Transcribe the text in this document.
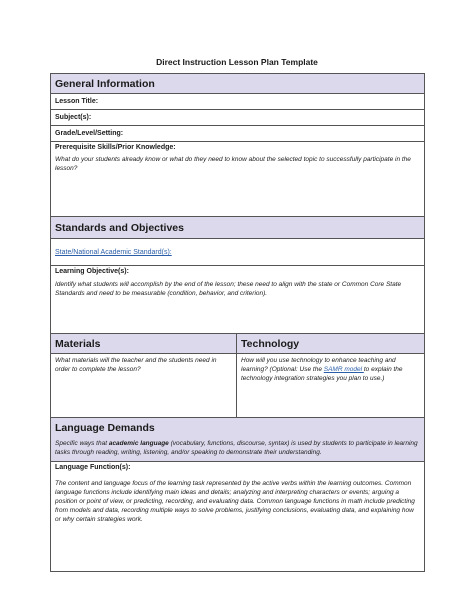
Direct Instruction Lesson Plan Template
General Information	
Lesson Title:	
Subject(s):	
Grade/Level/Setting:	

Prerequisite Skills/Prior Knowledge:
What do your students already know or what do they need to know about the selected topic to successfully participate in the lesson?	

Standards and Objectives	
State/National Academic Standard(s):	

Learning Objective(s):
Identify what students will accomplish by the end of the lesson; these need to align with the state or Common Core State Standards and need to be measurable (condition, behavior, and criterion).	

Materials	Technology

What materials will the teacher and the students need in order to complete the lesson?	How will you use technology to enhance teaching and learning? (Optional: Use the SAMR model to explain the technology integration strategies you plan to use.)

Language Demands
Specific ways that academic language (vocabulary, functions, discourse, syntax) is used by students to participate in learning tasks through reading, writing, listening, and/or speaking to demonstrate their understanding.	

Language Function(s):
The content and language focus of the learning task represented by the active verbs within the learning outcomes. Common language functions include identifying main ideas and details; analyzing and interpreting characters or events; arguing a position or point of view, or predicting, recording, and evaluating data. Common language functions in math include predicting from models and data, recording multiple ways to solve problems, justifying conclusions, evaluating data, and explaining how or why certain strategies work.	
